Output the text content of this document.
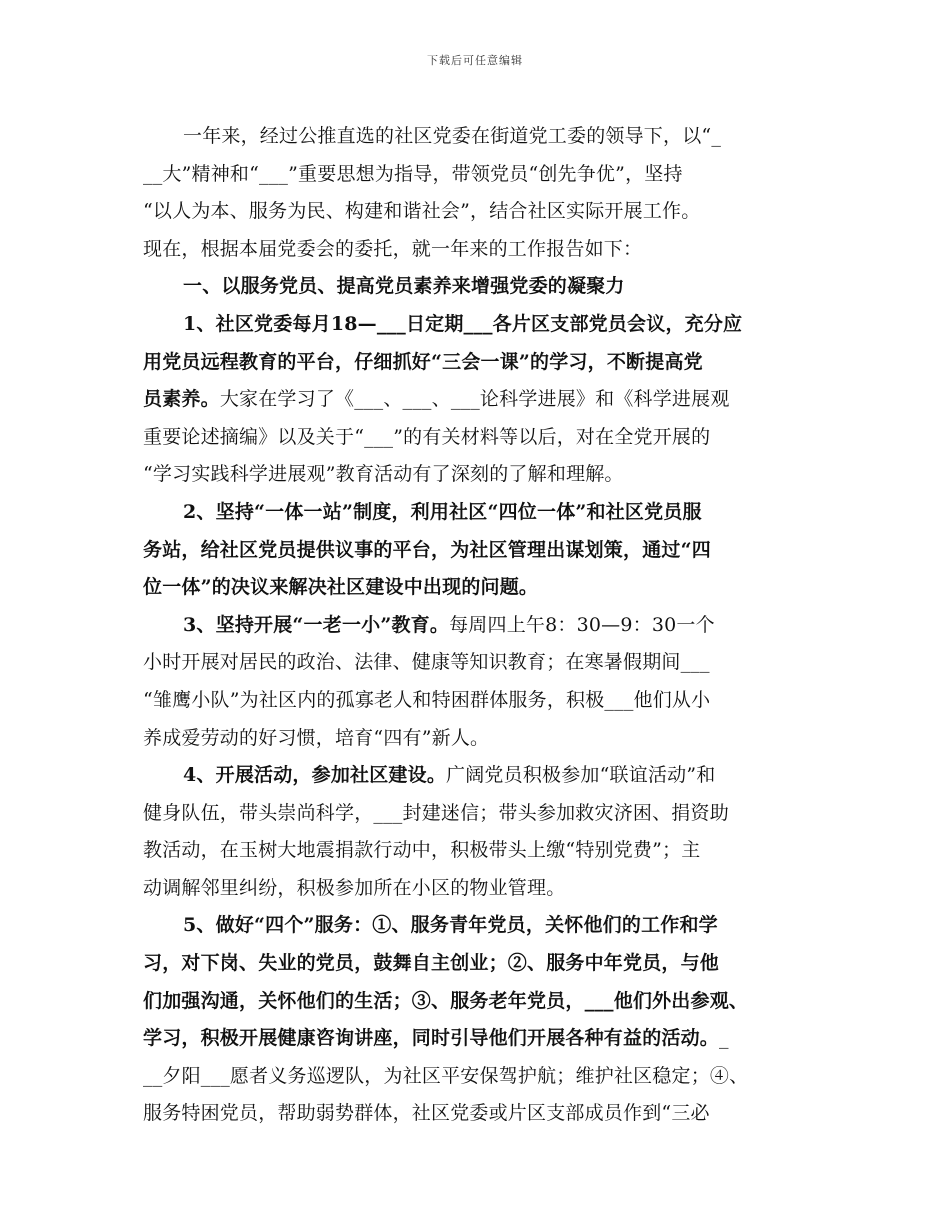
下载后可任意编辑
一年来，经过公推直选的社区党委在街道党工委的领导下，以“_
__大”精神和“___”重要思想为指导，带领党员“创先争优”，坚持
“以人为本、服务为民、构建和谐社会”，结合社区实际开展工作。
现在，根据本届党委会的委托，就一年来的工作报告如下：
一、以服务党员、提高党员素养来增强党委的凝聚力
1、社区党委每月18—___日定期___各片区支部党员会议，充分应
用党员远程教育的平台，仔细抓好“三会一课”的学习，不断提高党
员素养。大家在学习了《___、___、___论科学进展》和《科学进展观
重要论述摘编》以及关于“___”的有关材料等以后，对在全党开展的
“学习实践科学进展观”教育活动有了深刻的了解和理解。
2、坚持“一体一站”制度，利用社区“四位一体”和社区党员服
务站，给社区党员提供议事的平台，为社区管理出谋划策，通过“四
位一体”的决议来解决社区建设中出现的问题。
3、坚持开展“一老一小”教育。每周四上午8：30—9：30一个
小时开展对居民的政治、法律、健康等知识教育；在寒暑假期间___
“雏鹰小队”为社区内的孤寡老人和特困群体服务，积极___他们从小
养成爱劳动的好习惯，培育“四有”新人。
4、开展活动，参加社区建设。广阔党员积极参加“联谊活动”和
健身队伍，带头崇尚科学，___封建迷信；带头参加救灾济困、捐资助
教活动，在玉树大地震捐款行动中，积极带头上缴“特别党费”；主
动调解邻里纠纷，积极参加所在小区的物业管理。
5、做好“四个”服务：①、服务青年党员，关怀他们的工作和学
习，对下岗、失业的党员，鼓舞自主创业；②、服务中年党员，与他
们加强沟通，关怀他们的生活；③、服务老年党员，___他们外出参观、
学习，积极开展健康咨询讲座，同时引导他们开展各种有益的活动。_
__夕阳___愿者义务巡逻队，为社区平安保驾护航；维护社区稳定；④、
服务特困党员，帮助弱势群体，社区党委或片区支部成员作到“三必
